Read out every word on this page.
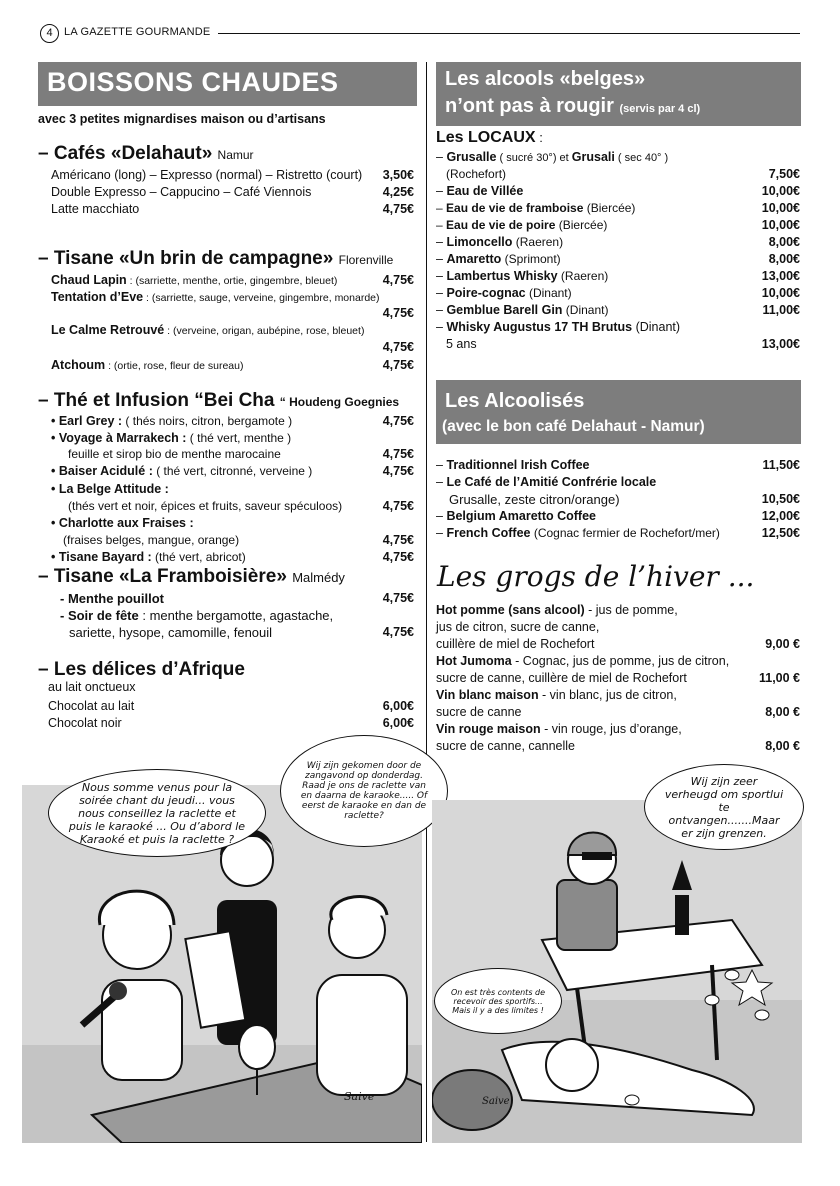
4	LA GAZETTE GOURMANDE
BOISSONS CHAUDES
avec 3 petites mignardises maison ou d’artisans
– Cafés «Delahaut» Namur
Américano (long) – Expresso (normal) – Ristretto (court) 3,50€
Double Expresso – Cappucino – Café Viennois	4,25€
Latte macchiato	4,75€
– Tisane «Un brin de campagne» Florenville
Chaud Lapin : (sarriette, menthe, ortie, gingembre, bleuet)	4,75€
Tentation d’Eve : (sarriette, sauge, verveine, gingembre, monarde)
4,75€
Le Calme Retrouvé : (verveine, origan, aubépine, rose, bleuet)
4,75€
Atchoum : (ortie, rose, fleur de sureau)	4,75€
– Thé et Infusion “Bei Cha “ Houdeng Goegnies
• Earl Grey : ( thés noirs, citron, bergamote )	4,75€
• Voyage à Marrakech : ( thé vert, menthe )
feuille et sirop bio de menthe marocaine	4,75€
• Baiser Acidulé : ( thé vert, citronné, verveine )	4,75€
• La Belge Attitude :
(thés vert et noir, épices et fruits, saveur spéculoos)	4,75€
• Charlotte aux Fraises :
(fraises belges, mangue, orange)	4,75€
• Tisane Bayard : (thé vert, abricot)	4,75€
– Tisane «La Framboisière» Malmédy
- Menthe pouillot	4,75€
- Soir de fête : menthe bergamotte, agastache,
sariette, hysope, camomille, fenouil	4,75€
– Les délices d’Afrique
au lait onctueux
Chocolat au lait	6,00€
Chocolat noir	6,00€
Nous somme venus pour la soirée chant du jeudi... vous nous conseillez la raclette et puis le karaoké ... Ou d’abord le Karaoké et puis la raclette ?
Wij zijn gekomen door de zangavond op donderdag. Raad je ons de raclette van en daarna de karaoke..... Of eerst de karaoke en dan de raclette?
Saive
Les alcools «belges»
n’ont pas à rougir (servis par 4 cl)
Les LOCAUX :
– Grusalle ( sucré 30°) et Grusali ( sec 40° )
(Rochefort)	7,50€
– Eau de Villée	10,00€
– Eau de vie de framboise (Biercée)	10,00€
– Eau de vie de poire (Biercée)	10,00€
– Limoncello (Raeren)	8,00€
– Amaretto (Sprimont)	8,00€
– Lambertus Whisky (Raeren)	13,00€
– Poire-cognac (Dinant)	10,00€
– Gemblue Barell Gin (Dinant)	11,00€
– Whisky Augustus 17 TH Brutus (Dinant)
5 ans	13,00€
Les Alcoolisés
(avec le bon café Delahaut - Namur)
– Traditionnel Irish Coffee	11,50€
– Le Café de l’Amitié Confrérie locale
Grusalle, zeste citron/orange)	10,50€
– Belgium Amaretto Coffee	12,00€
– French Coffee (Cognac fermier de Rochefort/mer)	12,50€
Les grogs de l’hiver ...
Hot pomme (sans alcool) - jus de pomme,
jus de citron, sucre de canne,
cuillère de miel de Rochefort	9,00 €
Hot Jumoma - Cognac, jus de pomme, jus de citron,
sucre de canne, cuillère de miel de Rochefort	11,00 €
Vin blanc maison - vin blanc, jus de citron,
sucre de canne	8,00 €
Vin rouge maison - vin rouge, jus d’orange,
sucre de canne, cannelle	8,00 €
Wij zijn zeer verheugd om sportlui te ontvangen.......Maar er zijn grenzen.
On est très contents de recevoir des sportifs... Mais il y a des limites !
Saive
